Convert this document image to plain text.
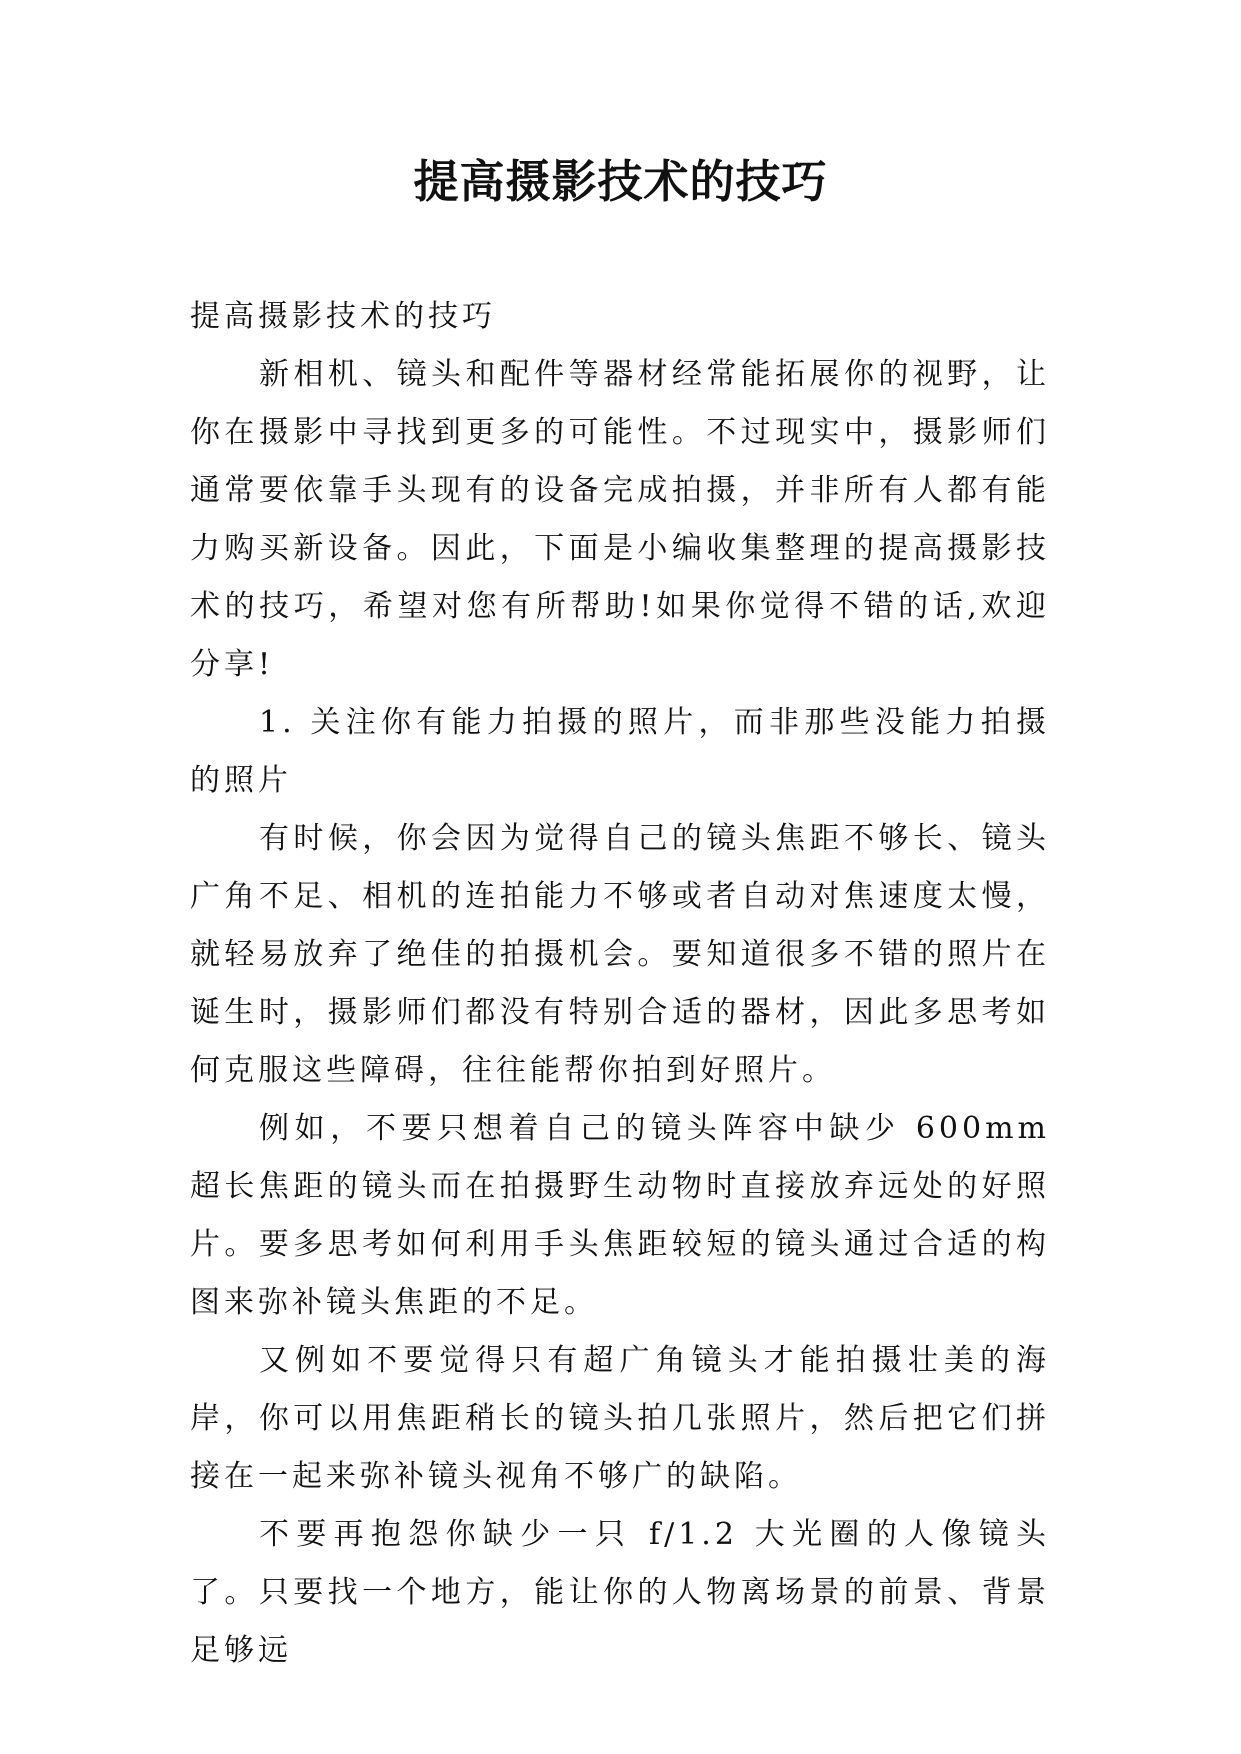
提高摄影技术的技巧

提高摄影技术的技巧

新相机、镜头和配件等器材经常能拓展你的视野，让你在摄影中寻找到更多的可能性。不过现实中，摄影师们通常要依靠手头现有的设备完成拍摄，并非所有人都有能力购买新设备。因此，下面是小编收集整理的提高摄影技术的技巧，希望对您有所帮助!如果你觉得不错的话,欢迎分享!

1. 关注你有能力拍摄的照片，而非那些没能力拍摄的照片

有时候，你会因为觉得自己的镜头焦距不够长、镜头广角不足、相机的连拍能力不够或者自动对焦速度太慢，就轻易放弃了绝佳的拍摄机会。要知道很多不错的照片在诞生时，摄影师们都没有特别合适的器材，因此多思考如何克服这些障碍，往往能帮你拍到好照片。

例如，不要只想着自己的镜头阵容中缺少 600mm 超长焦距的镜头而在拍摄野生动物时直接放弃远处的好照片。要多思考如何利用手头焦距较短的镜头通过合适的构图来弥补镜头焦距的不足。

又例如不要觉得只有超广角镜头才能拍摄壮美的海岸，你可以用焦距稍长的镜头拍几张照片，然后把它们拼接在一起来弥补镜头视角不够广的缺陷。

不要再抱怨你缺少一只 f/1.2 大光圈的人像镜头了。只要找一个地方，能让你的人物离场景的前景、背景足够远
